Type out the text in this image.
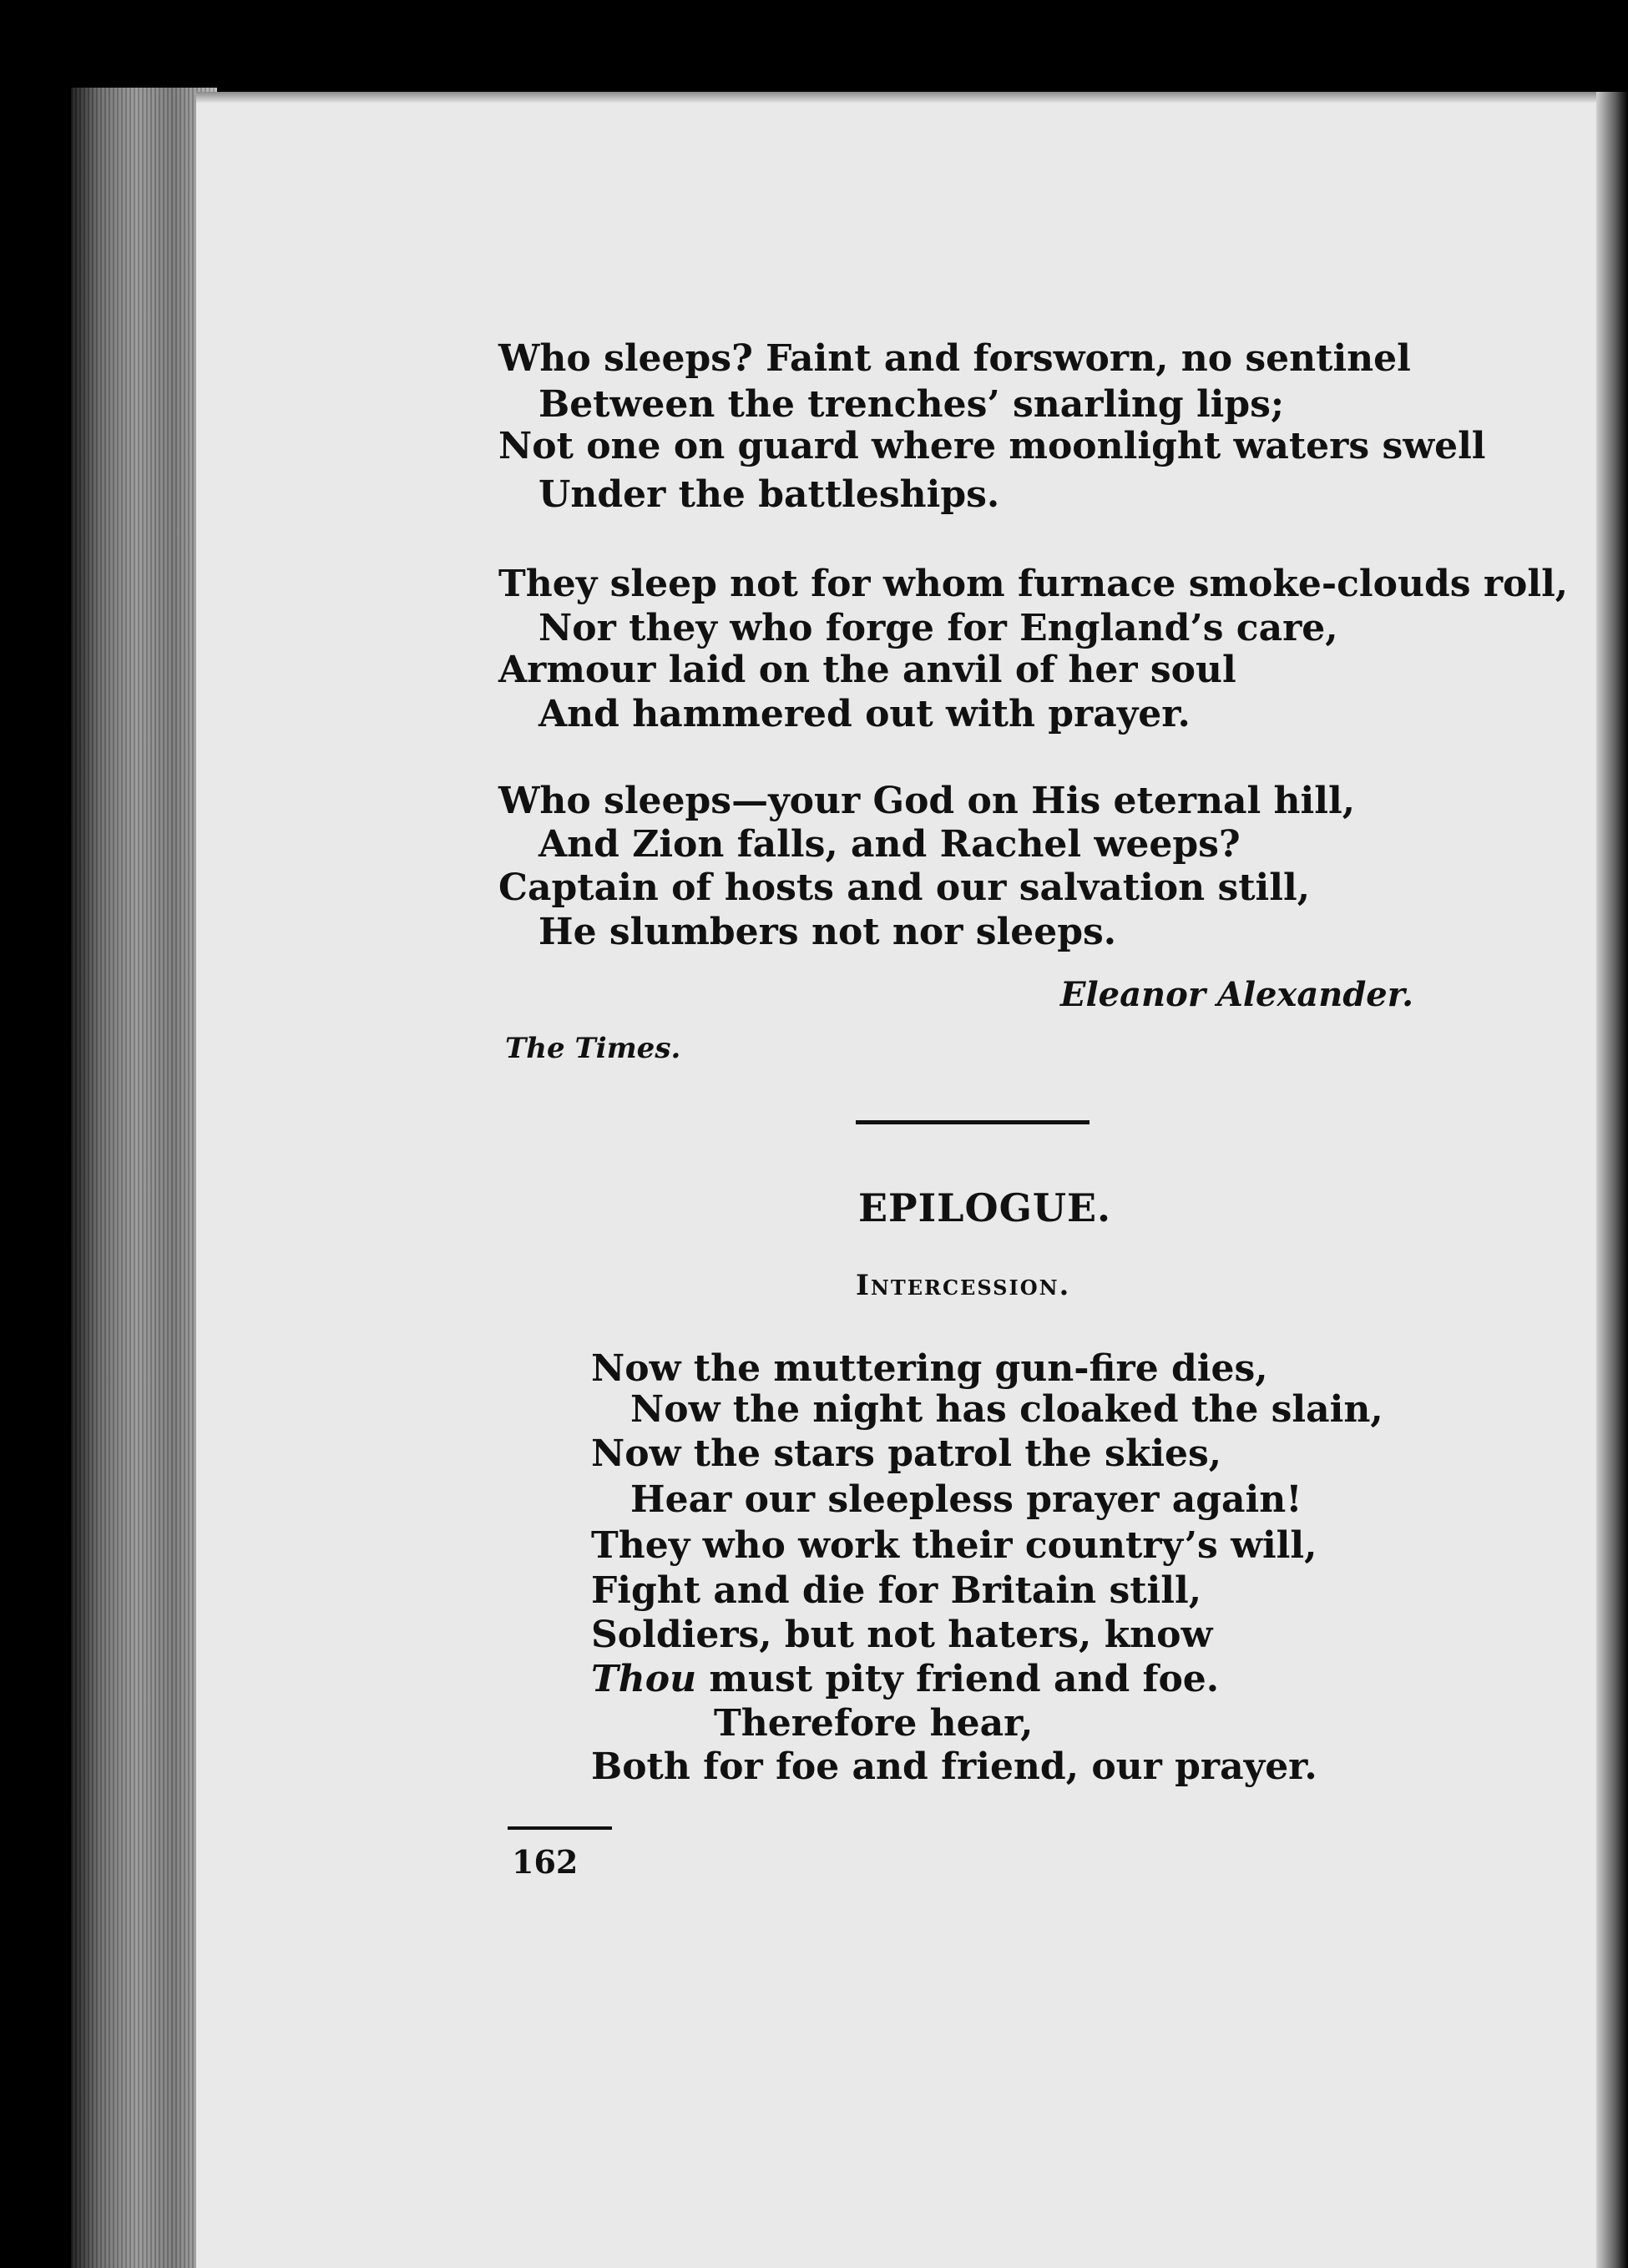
Who sleeps? Faint and forsworn, no sentinel
Between the trenches’ snarling lips;
Not one on guard where moonlight waters swell
Under the battleships.
They sleep not for whom furnace smoke-clouds roll,
Nor they who forge for England’s care,
Armour laid on the anvil of her soul
And hammered out with prayer.
Who sleeps—your God on His eternal hill,
And Zion falls, and Rachel weeps?
Captain of hosts and our salvation still,
He slumbers not nor sleeps.
Eleanor Alexander.
The Times.
EPILOGUE.
Intercession.
Now the muttering gun-fire dies,
Now the night has cloaked the slain,
Now the stars patrol the skies,
Hear our sleepless prayer again!
They who work their country’s will,
Fight and die for Britain still,
Soldiers, but not haters, know
Thou must pity friend and foe.
Therefore hear,
Both for foe and friend, our prayer.
162
